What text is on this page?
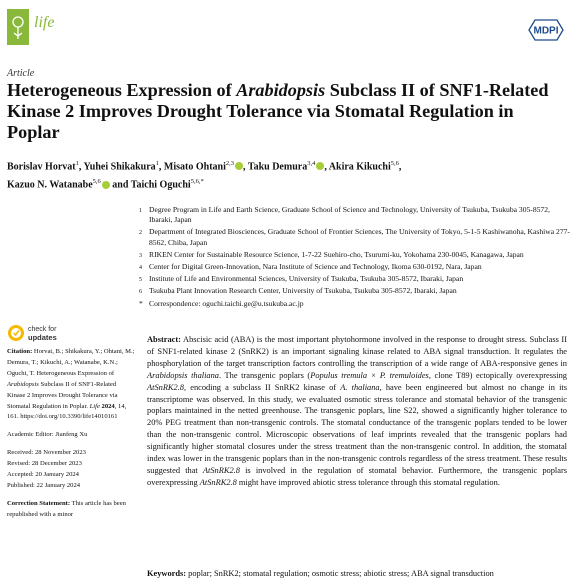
life	MDPI
Article
Heterogeneous Expression of Arabidopsis Subclass II of SNF1-Related Kinase 2 Improves Drought Tolerance via Stomatal Regulation in Poplar
Borislav Horvat$^1$, Yuhei Shikakura$^1$, Misato Ohtani$^{2,3}$ , Taku Demura$^{3,4}$ , Akira Kikuchi$^{5,6}$,
Kazuo N. Watanabe$^{5,6}$ and Taichi Oguchi$^{5,6,*}$
1 Degree Program in Life and Earth Science, Graduate School of Science and Technology, University of Tsukuba, Tsukuba 305-8572, Ibaraki, Japan
2 Department of Integrated Biosciences, Graduate School of Frontier Sciences, The University of Tokyo, 5-1-5 Kashiwanoha, Kashiwa 277-8562, Chiba, Japan
3 RIKEN Center for Sustainable Resource Science, 1-7-22 Suehiro-cho, Tsurumi-ku, Yokohama 230-0045, Kanagawa, Japan
4 Center for Digital Green-Innovation, Nara Institute of Science and Technology, Ikoma 630-0192, Nara, Japan
5 Institute of Life and Environmental Sciences, University of Tsukuba, Tsukuba 305-8572, Ibaraki, Japan
6 Tsukuba Plant Innovation Research Center, University of Tsukuba, Tsukuba 305-8572, Ibaraki, Japan
* Correspondence: oguchi.taichi.ge@u.tsukuba.ac.jp
check for
updates
Citation: Horvat, B.; Shikakura, Y.; Ohtani, M.; Demura, T.; Kikuchi, A.; Watanabe, K.N.; Oguchi, T. Heterogeneous Expression of Arabidopsis Subclass II of SNF1-Related Kinase 2 Improves Drought Tolerance via Stomatal Regulation in Poplar. Life 2024, 14, 161. https://doi.org/10.3390/life14010161
Academic Editor: Jianfeng Xu
Received: 28 November 2023
Revised: 28 December 2023
Accepted: 20 January 2024
Published: 22 January 2024
Correction Statement: This article has been republished with a minor
Abstract: Abscisic acid (ABA) is the most important phytohormone involved in the response to drought stress. Subclass II of SNF1-related kinase 2 (SnRK2) is an important signaling kinase related to ABA signal transduction. It regulates the phosphorylation of the target transcription factors controlling the transcription of a wide range of ABA-responsive genes in Arabidopsis thaliana. The transgenic poplars (Populus tremula × P. tremuloides, clone T89) ectopically overexpressing AtSnRK2.8, encoding a subclass II SnRK2 kinase of A. thaliana, have been engineered but almost no change in its transcriptome was observed. In this study, we evaluated osmotic stress tolerance and stomatal behavior of the transgenic poplars maintained in the netted greenhouse. The transgenic poplars, line S22, showed a significantly higher tolerance to 20% PEG treatment than non-transgenic controls. The stomatal conductance of the transgenic poplars tended to be lower than the non-transgenic control. Microscopic observations of leaf imprints revealed that the transgenic poplars had significantly higher stomatal closures under the stress treatment than the non-transgenic control. In addition, the stomatal index was lower in the transgenic poplars than in the non-transgenic controls regardless of the stress treatment. These results suggested that AtSnRK2.8 is involved in the regulation of stomatal behavior. Furthermore, the transgenic poplars overexpressing AtSnRK2.8 might have improved abiotic stress tolerance through this stomatal regulation.
Keywords: poplar; SnRK2; stomatal regulation; osmotic stress; abiotic stress; ABA signal transduction
